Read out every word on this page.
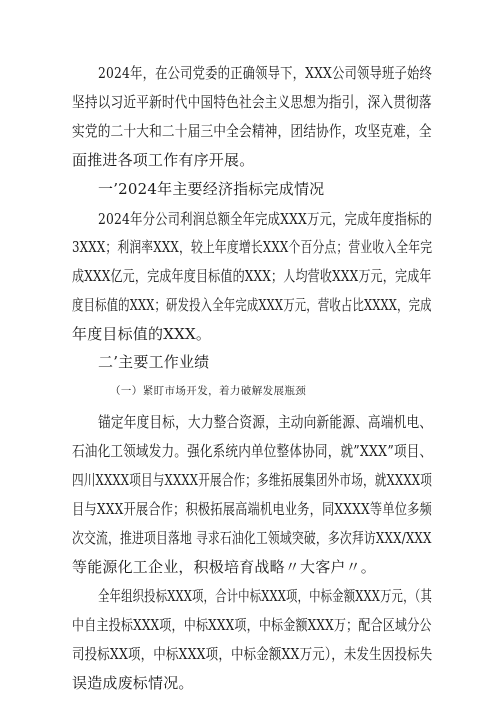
2024年，在公司党委的正确领导下，XXX公司领导班子始终
坚持以习近平新时代中国特色社会主义思想为指引，深入贯彻落
实党的二十大和二十届三中全会精神，团结协作，攻坚克难，全
面推进各项工作有序开展。
一’2024年主要经济指标完成情况
2024年分公司利润总额全年完成XXX万元，完成年度指标的
3XXX；利润率XXX，较上年度增长XXX个百分点；营业收入全年完
成XXX亿元，完成年度目标值的XXX；人均营收XXX万元，完成年
度目标值的XXX；研发投入全年完成XXX万元，营收占比XXXX，完成
年度目标值的XXX。
二’主要工作业绩
（一）紧盯市场开发，着力破解发展瓶颈
锚定年度目标，大力整合资源，主动向新能源、高端机电、
石油化工领域发力。强化系统内单位整体协同，就”XXX”项目、
四川XXXX项目与XXXX开展合作；多维拓展集团外市场，就XXXX项
目与XXX开展合作；积极拓展高端机电业务，同XXXX等单位多频
次交流，推进项目落地 寻求石油化工领域突破，多次拜访XXX/XXX
等能源化工企业，积极培育战略〃大客户〃。
全年组织投标XXX项，合计中标XXX项，中标金额XXX万元，（其
中自主投标XXX项，中标XXX项，中标金额XXX万；配合区域分公
司投标XX项，中标XXX项，中标金额XX万元），未发生因投标失
误造成废标情况。
